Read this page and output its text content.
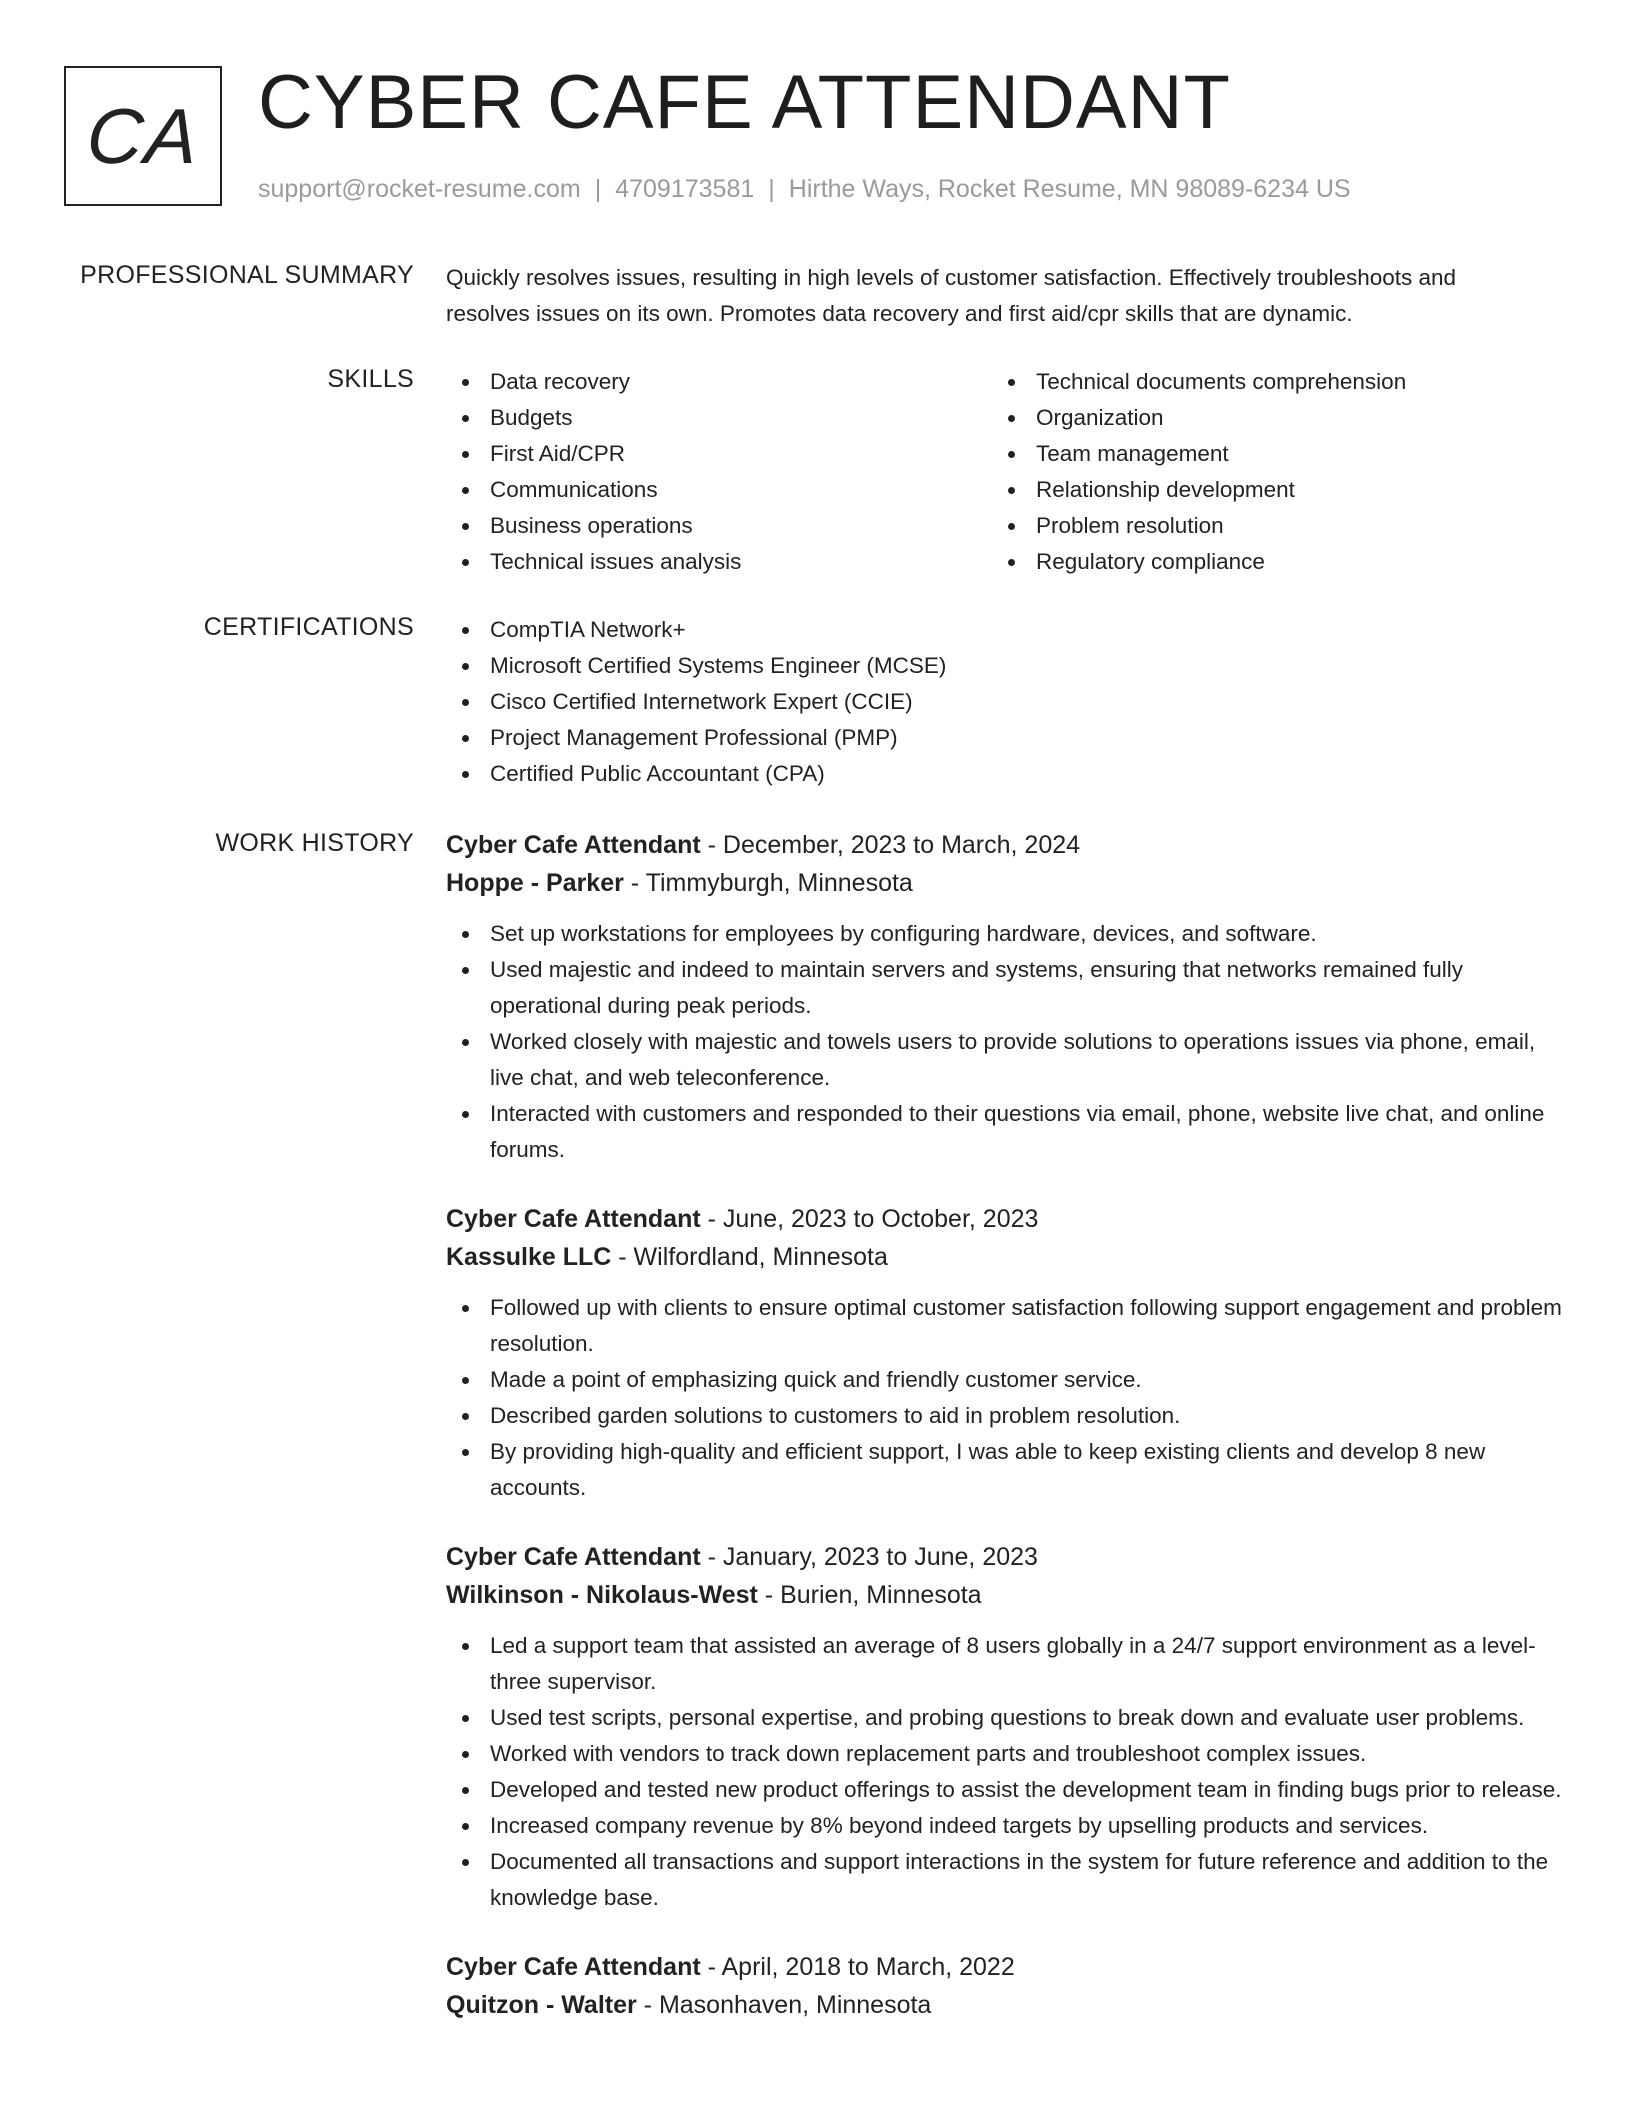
CA CYBER CAFE ATTENDANT
support@rocket-resume.com | 4709173581 | Hirthe Ways, Rocket Resume, MN 98089-6234 US
PROFESSIONAL SUMMARY Quickly resolves issues, resulting in high levels of customer satisfaction. Effectively troubleshoots and resolves issues on its own. Promotes data recovery and first aid/cpr skills that are dynamic.
SKILLS	Data recovery
Budgets
First Aid/CPR
Communications
Business operations
Technical issues analysis
Technical documents comprehension
Organization
Team management
Relationship development
Problem resolution
Regulatory compliance
CERTIFICATIONS	CompTIA Network+
Microsoft Certified Systems Engineer (MCSE)
Cisco Certified Internetwork Expert (CCIE)
Project Management Professional (PMP)
Certified Public Accountant (CPA)
WORK HISTORY Cyber Cafe Attendant - December, 2023 to March, 2024
Hoppe - Parker - Timmyburgh, Minnesota
Set up workstations for employees by configuring hardware, devices, and software.
Used majestic and indeed to maintain servers and systems, ensuring that networks remained fully operational during peak periods.
Worked closely with majestic and towels users to provide solutions to operations issues via phone, email, live chat, and web teleconference.
Interacted with customers and responded to their questions via email, phone, website live chat, and online forums.
Cyber Cafe Attendant - June, 2023 to October, 2023
Kassulke LLC - Wilfordland, Minnesota
Followed up with clients to ensure optimal customer satisfaction following support engagement and problem resolution.
Made a point of emphasizing quick and friendly customer service.
Described garden solutions to customers to aid in problem resolution.
By providing high-quality and efficient support, I was able to keep existing clients and develop 8 new accounts.
Cyber Cafe Attendant - January, 2023 to June, 2023
Wilkinson - Nikolaus-West - Burien, Minnesota
Led a support team that assisted an average of 8 users globally in a 24/7 support environment as a level-three supervisor.
Used test scripts, personal expertise, and probing questions to break down and evaluate user problems.
Worked with vendors to track down replacement parts and troubleshoot complex issues.
Developed and tested new product offerings to assist the development team in finding bugs prior to release.
Increased company revenue by 8% beyond indeed targets by upselling products and services.
Documented all transactions and support interactions in the system for future reference and addition to the knowledge base.
Cyber Cafe Attendant - April, 2018 to March, 2022
Quitzon - Walter - Masonhaven, Minnesota
